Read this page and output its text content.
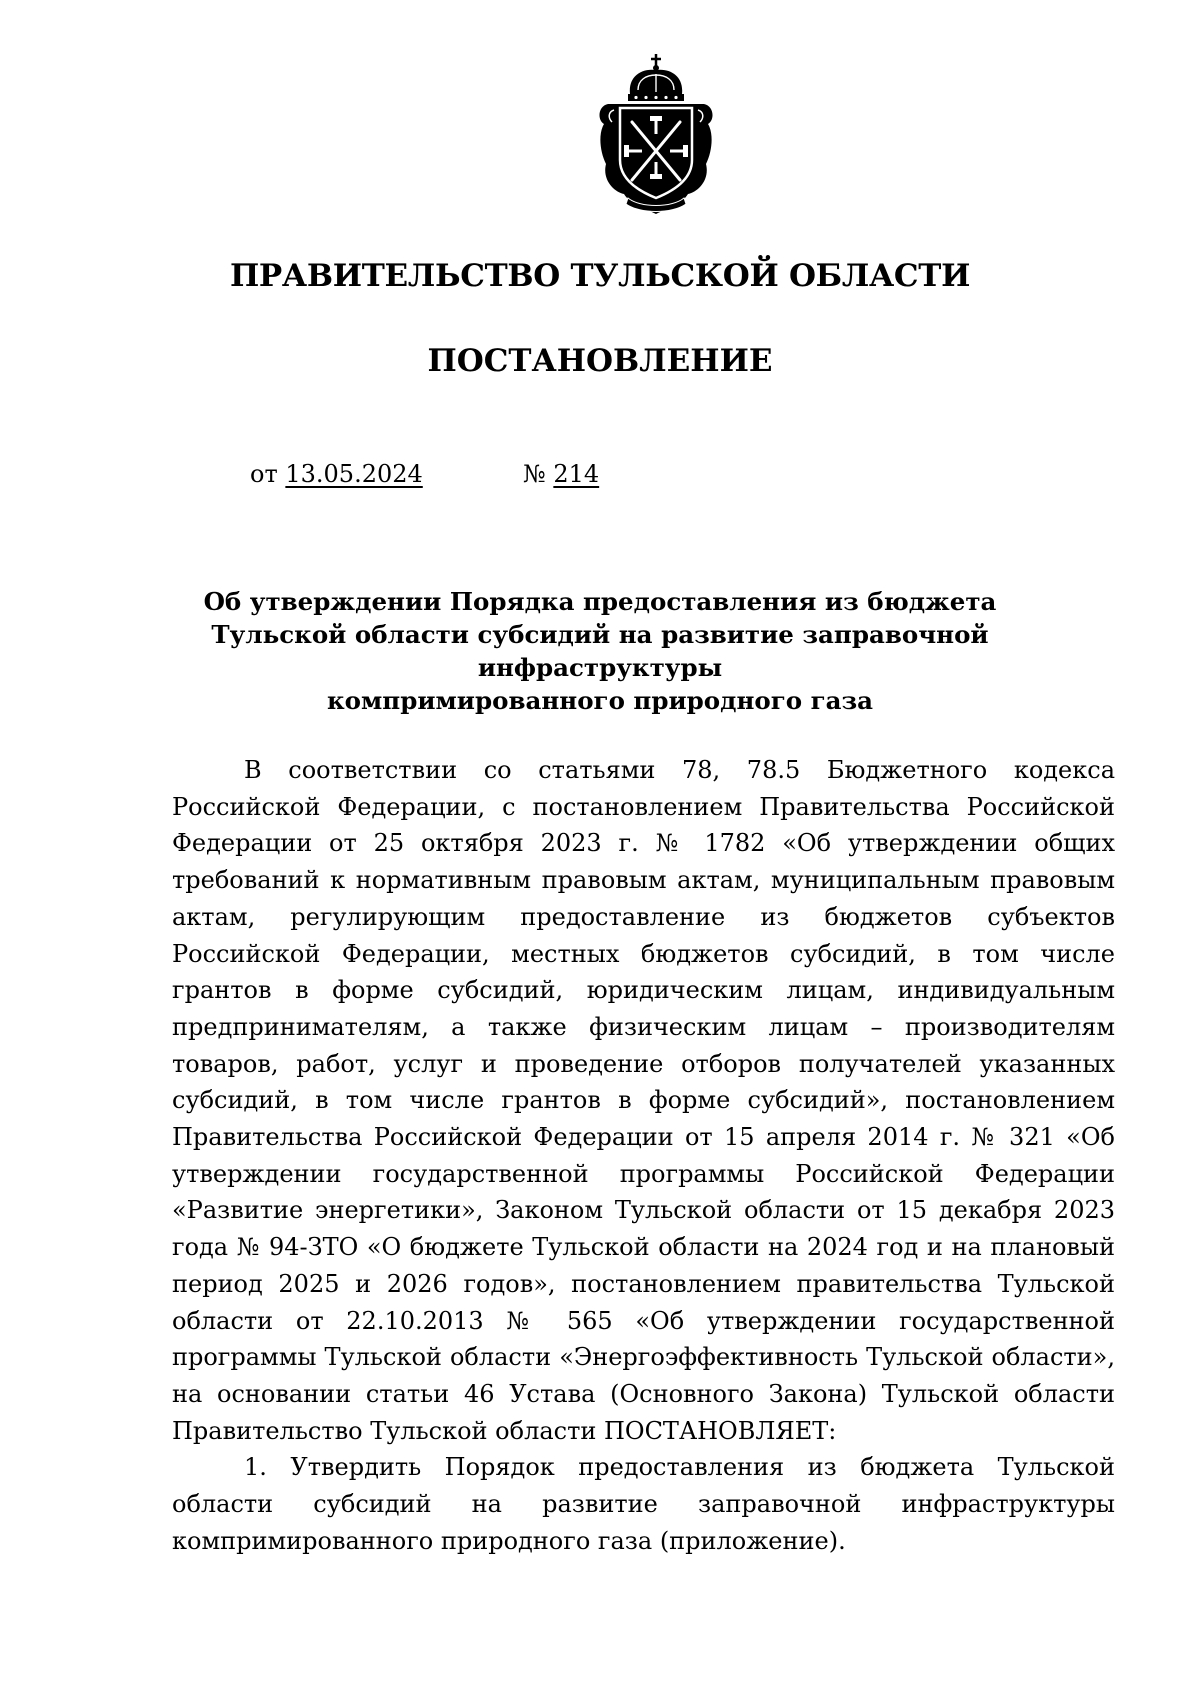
ПРАВИТЕЛЬСТВО ТУЛЬСКОЙ ОБЛАСТИ
ПОСТАНОВЛЕНИЕ
от 13.05.2024	№ 214
Об утверждении Порядка предоставления из бюджета
Тульской области субсидий на развитие заправочной инфраструктуры
компримированного природного газа

В соответствии со статьями 78, 78.5 Бюджетного кодекса Российской Федерации, с постановлением Правительства Российской Федерации от 25 октября 2023 г. № 1782 «Об утверждении общих требований к нормативным правовым актам, муниципальным правовым актам, регулирующим предоставление из бюджетов субъектов Российской Федерации, местных бюджетов субсидий, в том числе грантов в форме субсидий, юридическим лицам, индивидуальным предпринимателям, а также физическим лицам – производителям товаров, работ, услуг и проведение отборов получателей указанных субсидий, в том числе грантов в форме субсидий», постановлением Правительства Российской Федерации от 15 апреля 2014 г. № 321 «Об утверждении государственной программы Российской Федерации «Развитие энергетики», Законом Тульской области от 15 декабря 2023 года № 94-ЗТО «О бюджете Тульской области на 2024 год и на плановый период 2025 и 2026 годов», постановлением правительства Тульской области от 22.10.2013 № 565 «Об утверждении государственной программы Тульской области «Энергоэффективность Тульской области», на основании статьи 46 Устава (Основного Закона) Тульской области Правительство Тульской области ПОСТАНОВЛЯЕТ:

1. Утвердить Порядок предоставления из бюджета Тульской области субсидий на развитие заправочной инфраструктуры компримированного природного газа (приложение).
